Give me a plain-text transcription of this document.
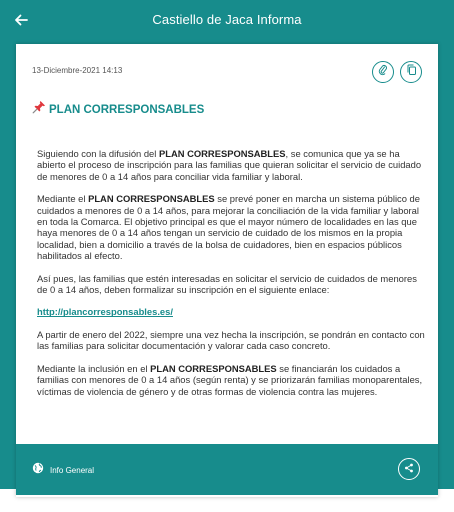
Castiello de Jaca Informa
13-Diciembre-2021 14:13
PLAN CORRESPONSABLES

Siguiendo con la difusión del PLAN CORRESPONSABLES, se comunica que ya se ha abierto el proceso de inscripción para las familias que quieran solicitar el servicio de cuidado de menores de 0 a 14 años para conciliar vida familiar y laboral.

Mediante el PLAN CORRESPONSABLES se prevé poner en marcha un sistema público de cuidados a menores de 0 a 14 años, para mejorar la conciliación de la vida familiar y laboral en toda la Comarca. El objetivo principal es que el mayor número de localidades en las que haya menores de 0 a 14 años tengan un servicio de cuidado de los mismos en la propia localidad, bien a domicilio a través de la bolsa de cuidadores, bien en espacios públicos habilitados al efecto.

Así pues, las familias que estén interesadas en solicitar el servicio de cuidados de menores de 0 a 14 años, deben formalizar su inscripción en el siguiente enlace:

http://plancorresponsables.es/

A partir de enero del 2022, siempre una vez hecha la inscripción, se pondrán en contacto con las familias para solicitar documentación y valorar cada caso concreto.

Mediante la inclusión en el PLAN CORRESPONSABLES se financiarán los cuidados a familias con menores de 0 a 14 años (según renta) y se priorizarán familias monoparentales, víctimas de violencia de género y de otras formas de violencia contra las mujeres.

Info General
